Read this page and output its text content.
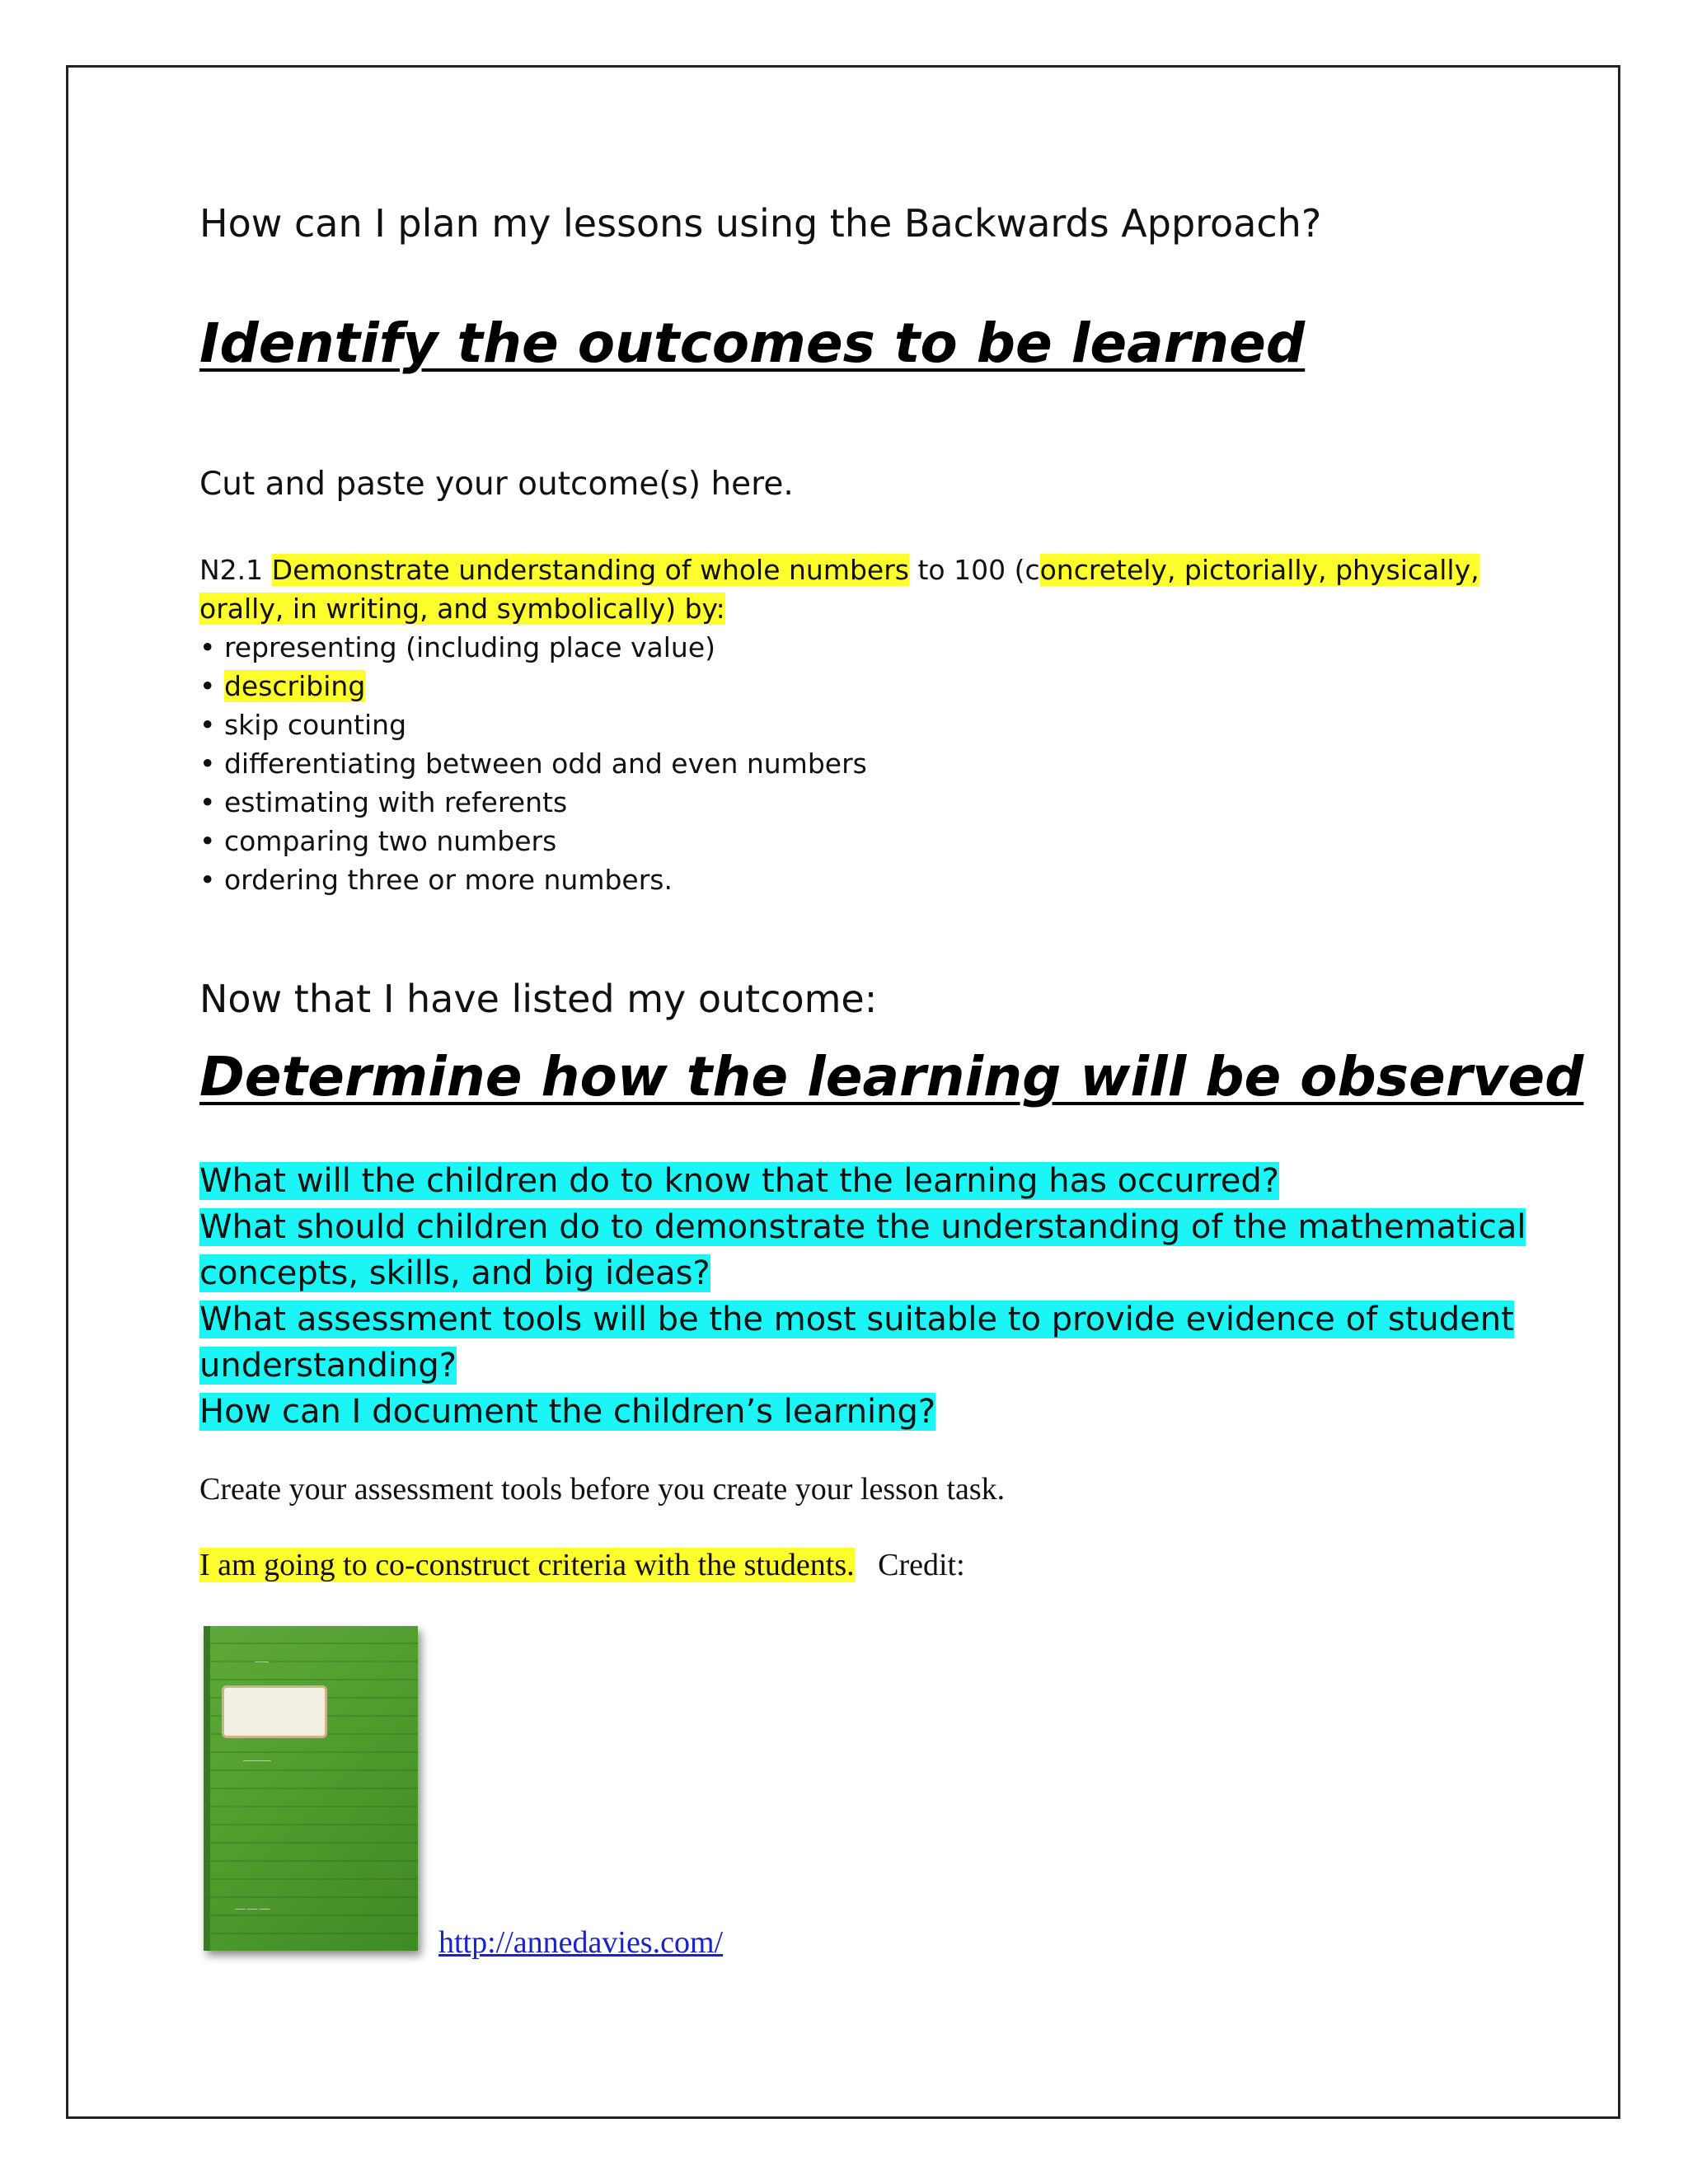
How can I plan my lessons using the Backwards Approach?
Identify the outcomes to be learned
Cut and paste your outcome(s) here.
N2.1 Demonstrate understanding of whole numbers to 100 (concretely, pictorially, physically, orally, in writing, and symbolically) by:
• representing (including place value)
• describing
• skip counting
• differentiating between odd and even numbers
• estimating with referents
• comparing two numbers
• ordering three or more numbers.
Now that I have listed my outcome:
Determine how the learning will be observed
What will the children do to know that the learning has occurred?
What should children do to demonstrate the understanding of the mathematical concepts, skills, and big ideas?
What assessment tools will be the most suitable to provide evidence of student understanding?
How can I document the children’s learning?
Create your assessment tools before you create your lesson task.
I am going to co-construct criteria with the students. Credit:
────
────────
─── ─── ───
http://annedavies.com/
